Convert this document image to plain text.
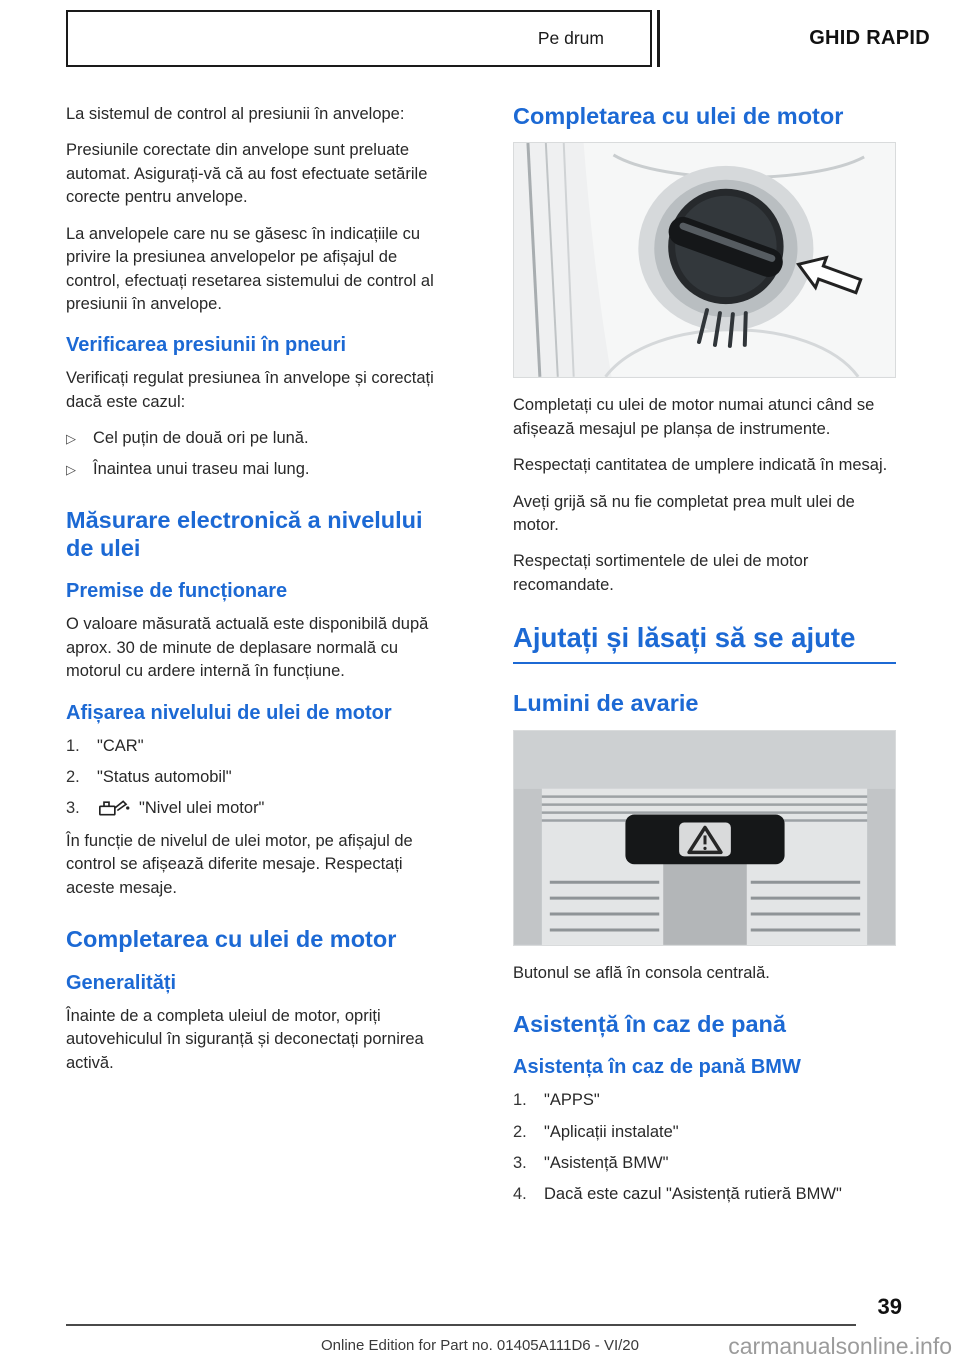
Pe drum	GHID RAPID

La sistemul de control al presiunii în anvelope:

Presiunile corectate din anvelope sunt preluate automat. Asigurați-vă că au fost efectuate setările corecte pentru anvelope.

La anvelopele care nu se găsesc în indicațiile cu privire la presiunea anvelopelor pe afișajul de control, efectuați resetarea sistemului de control al presiunii în anvelope.

Verificarea presiunii în pneuri

Verificați regulat presiunea în anvelope și corectați dacă este cazul:

▷	Cel puțin de două ori pe lună.
▷	Înaintea unui traseu mai lung.
Măsurare electronică a nivelului de ulei
Premise de funcționare

O valoare măsurată actuală este disponibilă după aprox. 30 de minute de deplasare normală cu motorul cu ardere internă în funcțiune.

Afișarea nivelului de ulei de motor
1.	"CAR"
2.	"Status automobil"
3.	"Nivel ulei motor"

În funcție de nivelul de ulei motor, pe afișajul de control se afișează diferite mesaje. Respectați aceste mesaje.

Completarea cu ulei de motor
Generalități

Înainte de a completa uleiul de motor, opriți autovehiculul în siguranță și deconectați pornirea activă.

Completarea cu ulei de motor

Completați cu ulei de motor numai atunci când se afișează mesajul pe planșa de instrumente.

Respectați cantitatea de umplere indicată în mesaj.

Aveți grijă să nu fie completat prea mult ulei de motor.

Respectați sortimentele de ulei de motor recomandate.

Ajutați și lăsați să se ajute
Lumini de avarie

Butonul se află în consola centrală.

Asistență în caz de pană
Asistența în caz de pană BMW
1.	"APPS"
2.	"Aplicații instalate"
3.	"Asistență BMW"
4.	Dacă este cazul "Asistență rutieră BMW"
39
Online Edition for Part no. 01405A111D6 - VI/20	carmanualsonline.info
